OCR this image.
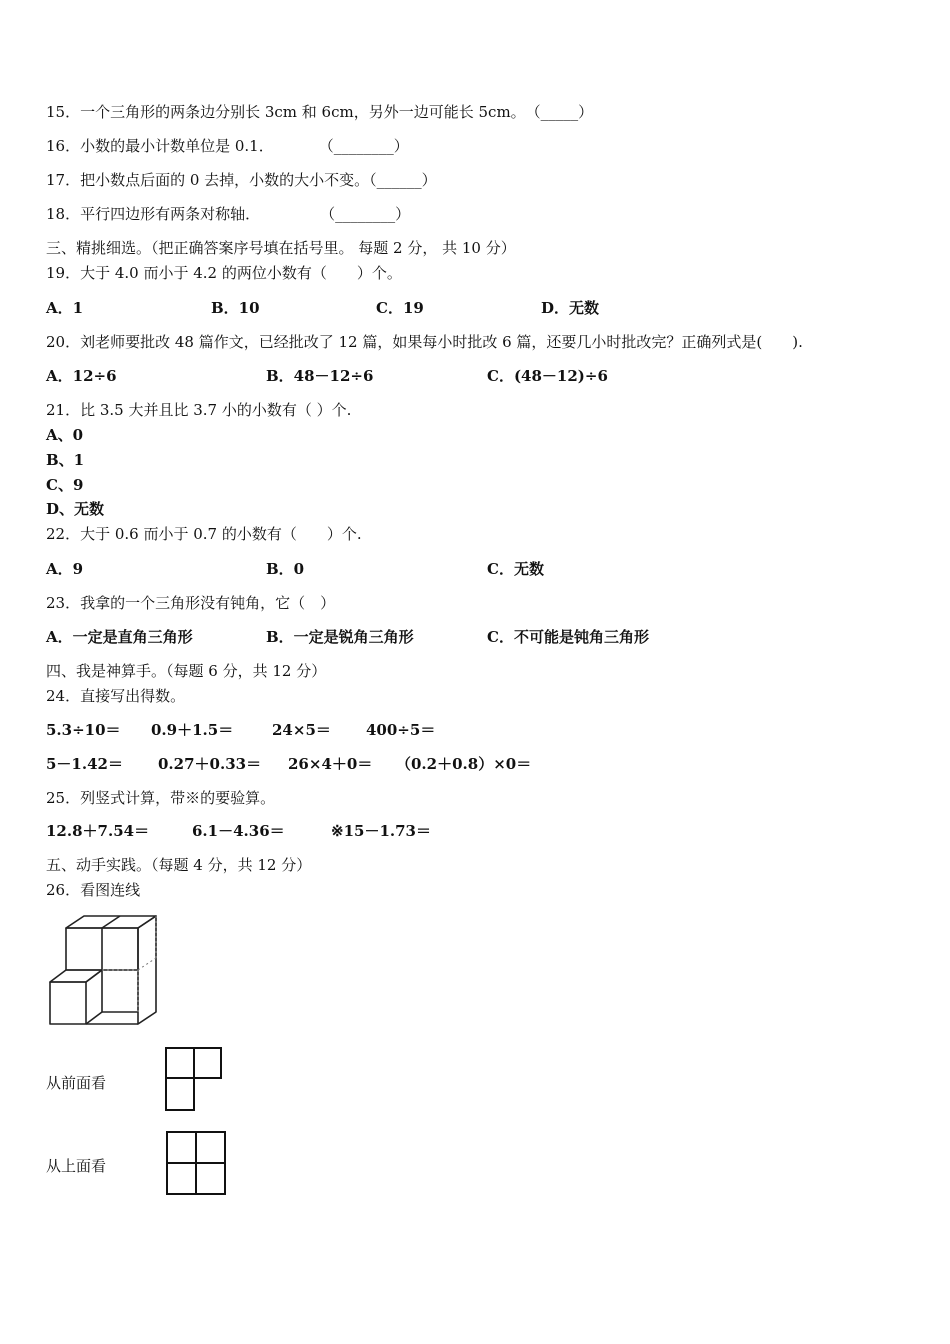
15．一个三角形的两条边分别长 3cm 和 6cm，另外一边可能长 5cm。　（_____）
16．小数的最小计数单位是 0.1．　　　　（________）
17．把小数点后面的 0 去掉，小数的大小不变。（______）
18．平行四边形有两条对称轴．　　　　　（________）
三、精挑细选。（把正确答案序号填在括号里。 每题 2 分， 共 10 分）
19．大于 4.0 而小于 4.2 的两位小数有（　　）个。
A．1	B．10	C．19	D．无数
20．刘老师要批改 48 篇作文，已经批改了 12 篇，如果每小时批改 6 篇，还要几小时批改完？正确列式是(　　).
A．12÷6	B．48－12÷6	C．(48－12)÷6
21．比 3.5 大并且比 3.7 小的小数有（ ）个.
A、0
B、1
C、9
D、无数
22．大于 0.6 而小于 0.7 的小数有（　　）个.
A．9	B．0	C．无数
23．我拿的一个三角形没有钝角，它（　）
A．一定是直角三角形	B．一定是锐角三角形	C．不可能是钝角三角形
四、我是神算手。（每题 6 分，共 12 分）
24．直接写出得数。
5.3÷10＝ 0.9＋1.5＝	24×5＝ 400÷5＝
5－1.42＝ 0.27＋0.33＝ 26×4＋0＝ （0.2＋0.8）×0＝
25．列竖式计算，带※的要验算。
12.8＋7.54＝	6.1－4.36＝	※15－1.73＝
五、动手实践。（每题 4 分，共 12 分）
26．看图连线
从前面看
从上面看
